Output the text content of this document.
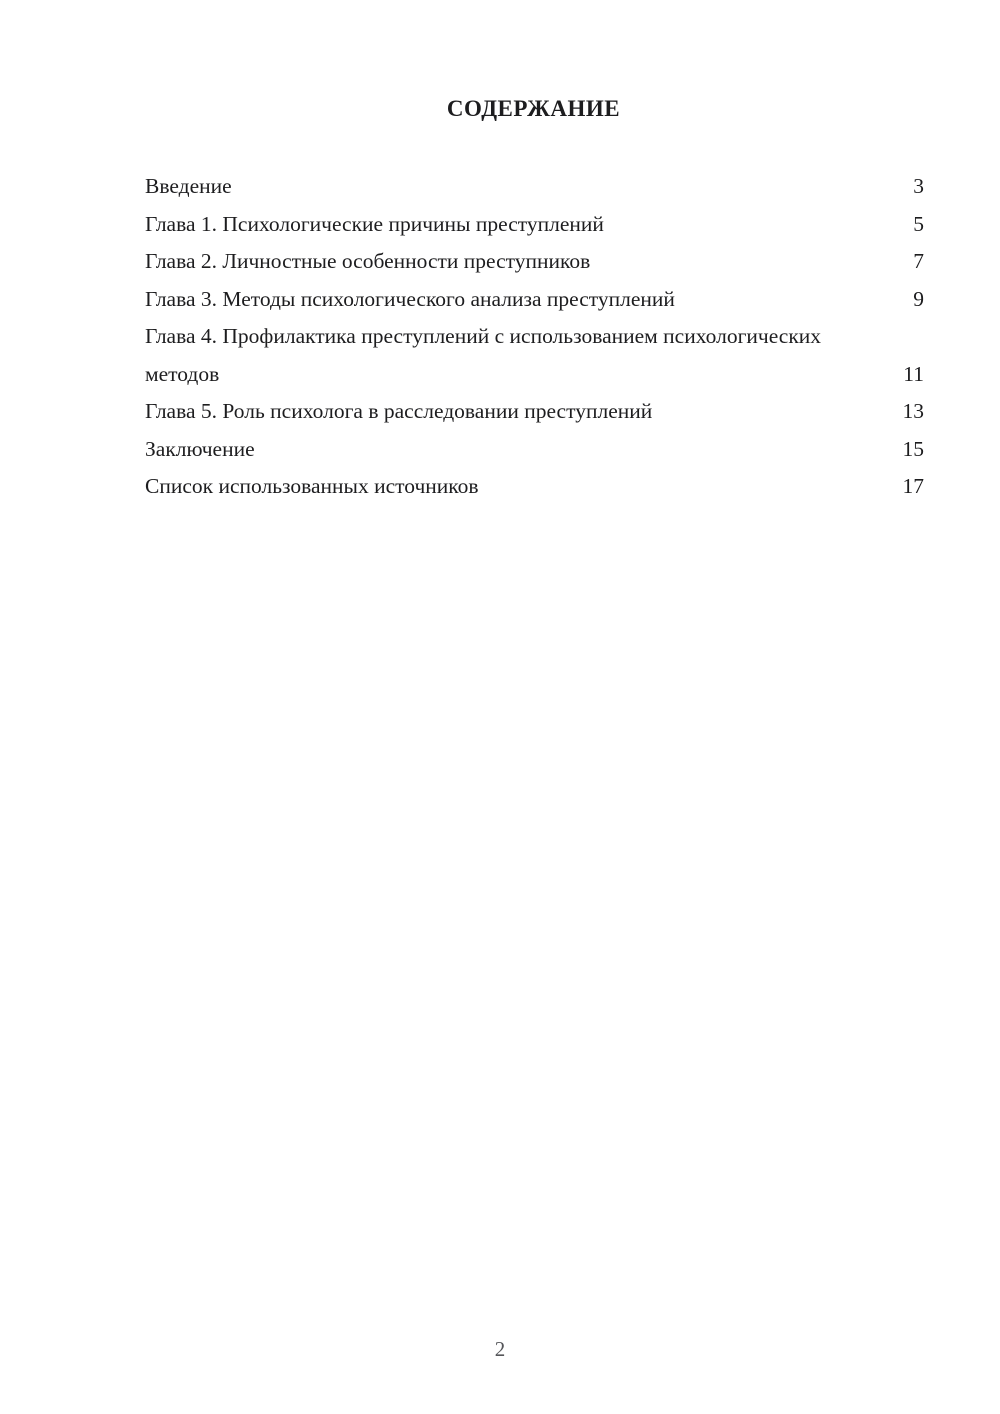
СОДЕРЖАНИЕ
Введение	3
Глава 1. Психологические причины преступлений	5
Глава 2. Личностные особенности преступников	7
Глава 3. Методы психологического анализа преступлений	9
Глава 4. Профилактика преступлений с использованием психологических методов	11
Глава 5. Роль психолога в расследовании преступлений	13
Заключение	15
Список использованных источников	17
2
